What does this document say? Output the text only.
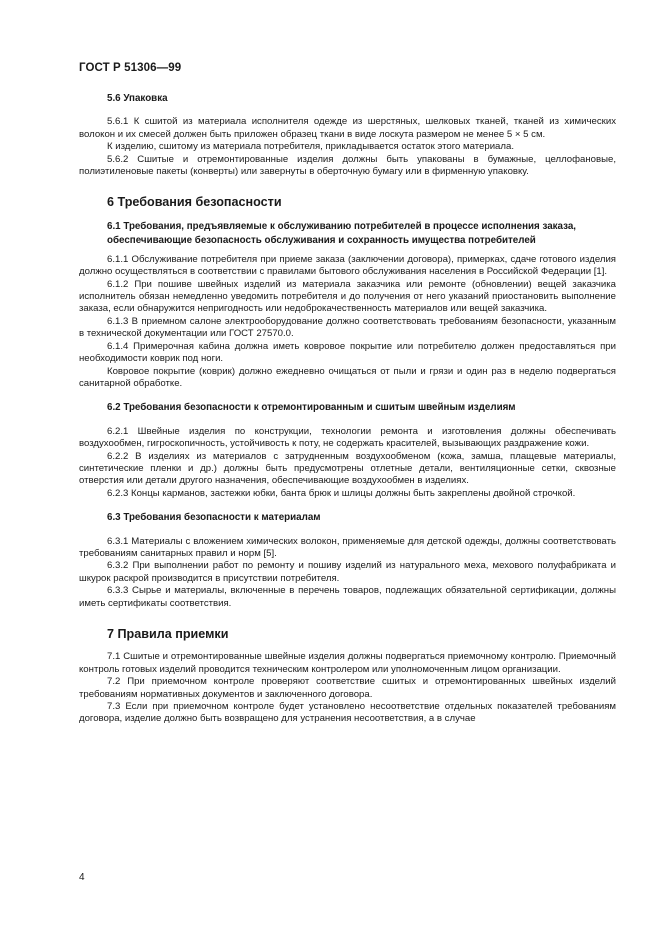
ГОСТ Р 51306—99
5.6 Упаковка

5.6.1 К сшитой из материала исполнителя одежде из шерстяных, шелковых тканей, тканей из химических волокон и их смесей должен быть приложен образец ткани в виде лоскута размером не менее 5 × 5 см.

К изделию, сшитому из материала потребителя, прикладывается остаток этого материала.

5.6.2 Сшитые и отремонтированные изделия должны быть упакованы в бумажные, целлофановые, полиэтиленовые пакеты (конверты) или завернуты в оберточную бумагу или в фирменную упаковку.

6 Требования безопасности
6.1 Требования, предъявляемые к обслуживанию потребителей в процессе исполнения заказа, обеспечивающие безопасность обслуживания и сохранность имущества потребителей

6.1.1 Обслуживание потребителя при приеме заказа (заключении договора), примерках, сдаче готового изделия должно осуществляться в соответствии с правилами бытового обслуживания населения в Российской Федерации [1].

6.1.2 При пошиве швейных изделий из материала заказчика или ремонте (обновлении) вещей заказчика исполнитель обязан немедленно уведомить потребителя и до получения от него указаний приостановить выполнение заказа, если обнаружится непригодность или недоброкачественность материалов или вещей заказчика.

6.1.3 В приемном салоне электрооборудование должно соответствовать требованиям безопасности, указанным в технической документации или ГОСТ 27570.0.

6.1.4 Примерочная кабина должна иметь ковровое покрытие или потребителю должен предоставляться при необходимости коврик под ноги.

Ковровое покрытие (коврик) должно ежедневно очищаться от пыли и грязи и один раз в неделю подвергаться санитарной обработке.

6.2 Требования безопасности к отремонтированным и сшитым швейным изделиям

6.2.1 Швейные изделия по конструкции, технологии ремонта и изготовления должны обеспечивать воздухообмен, гигроскопичность, устойчивость к поту, не содержать красителей, вызывающих раздражение кожи.

6.2.2 В изделиях из материалов с затрудненным воздухообменом (кожа, замша, плащевые материалы, синтетические пленки и др.) должны быть предусмотрены отлетные детали, вентиляционные сетки, сквозные отверстия или детали другого назначения, обеспечивающие воздухообмен в изделиях.

6.2.3 Концы карманов, застежки юбки, банта брюк и шлицы должны быть закреплены двойной строчкой.

6.3 Требования безопасности к материалам

6.3.1 Материалы с вложением химических волокон, применяемые для детской одежды, должны соответствовать требованиям санитарных правил и норм [5].

6.3.2 При выполнении работ по ремонту и пошиву изделий из натурального меха, мехового полуфабриката и шкурок раскрой производится в присутствии потребителя.

6.3.3 Сырье и материалы, включенные в перечень товаров, подлежащих обязательной сертификации, должны иметь сертификаты соответствия.

7 Правила приемки

7.1 Сшитые и отремонтированные швейные изделия должны подвергаться приемочному контролю. Приемочный контроль готовых изделий проводится техническим контролером или уполномоченным лицом организации.

7.2 При приемочном контроле проверяют соответствие сшитых и отремонтированных швейных изделий требованиям нормативных документов и заключенного договора.

7.3 Если при приемочном контроле будет установлено несоответствие отдельных показателей требованиям договора, изделие должно быть возвращено для устранения несоответствия, а в случае

4
